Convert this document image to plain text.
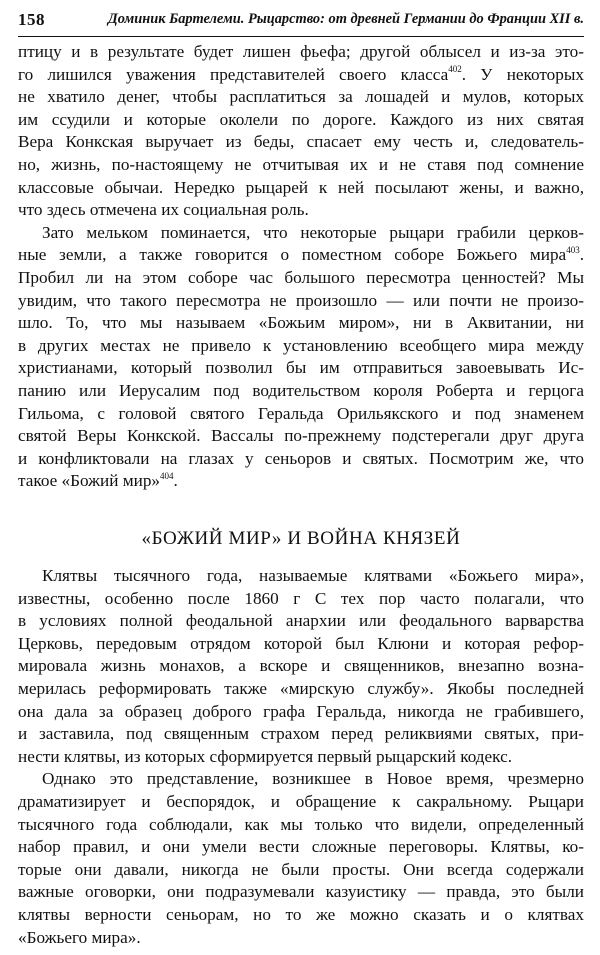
158	Доминик Бартелеми. Рыцарство: от древней Германии до Франции XII в.
птицу и в результате будет лишен фьефа; другой облысел и из-за это-
го лишился уважения представителей своего класса$^{402}$. У некоторых
не хватило денег, чтобы расплатиться за лошадей и мулов, которых
им ссудили и которые околели по дороге. Каждого из них святая
Вера Конкская выручает из беды, спасает ему честь и, следователь-
но, жизнь, по-настоящему не отчитывая их и не ставя под сомнение
классовые обычаи. Нередко рыцарей к ней посылают жены, и важно,
что здесь отмечена их социальная роль.
Зато мельком поминается, что некоторые рыцари грабили церков-
ные земли, а также говорится о поместном соборе Божьего мира$^{403}$.
Пробил ли на этом соборе час большого пересмотра ценностей? Мы
увидим, что такого пересмотра не произошло — или почти не произо-
шло. То, что мы называем «Божьим миром», ни в Аквитании, ни
в других местах не привело к установлению всеобщего мира между
христианами, который позволил бы им отправиться завоевывать Ис-
панию или Иерусалим под водительством короля Роберта и герцога
Гильома, с головой святого Геральда Орильякского и под знаменем
святой Веры Конкской. Вассалы по-прежнему подстерегали друг друга
и конфликтовали на глазах у сеньоров и святых. Посмотрим же, что
такое «Божий мир»$^{404}$.
«БОЖИЙ МИР» И ВОЙНА КНЯЗЕЙ
Клятвы тысячного года, называемые клятвами «Божьего мира»,
известны, особенно после 1860 г С тех пор часто полагали, что
в условиях полной феодальной анархии или феодального варварства
Церковь, передовым отрядом которой был Клюни и которая рефор-
мировала жизнь монахов, а вскоре и священников, внезапно возна-
мерилась реформировать также «мирскую службу». Якобы последней
она дала за образец доброго графа Геральда, никогда не грабившего,
и заставила, под священным страхом перед реликвиями святых, при-
нести клятвы, из которых сформируется первый рыцарский кодекс.
Однако это представление, возникшее в Новое время, чрезмерно
драматизирует и беспорядок, и обращение к сакральному. Рыцари
тысячного года соблюдали, как мы только что видели, определенный
набор правил, и они умели вести сложные переговоры. Клятвы, ко-
торые они давали, никогда не были просты. Они всегда содержали
важные оговорки, они подразумевали казуистику — правда, это были
клятвы верности сеньорам, но то же можно сказать и о клятвах
«Божьего мира».
